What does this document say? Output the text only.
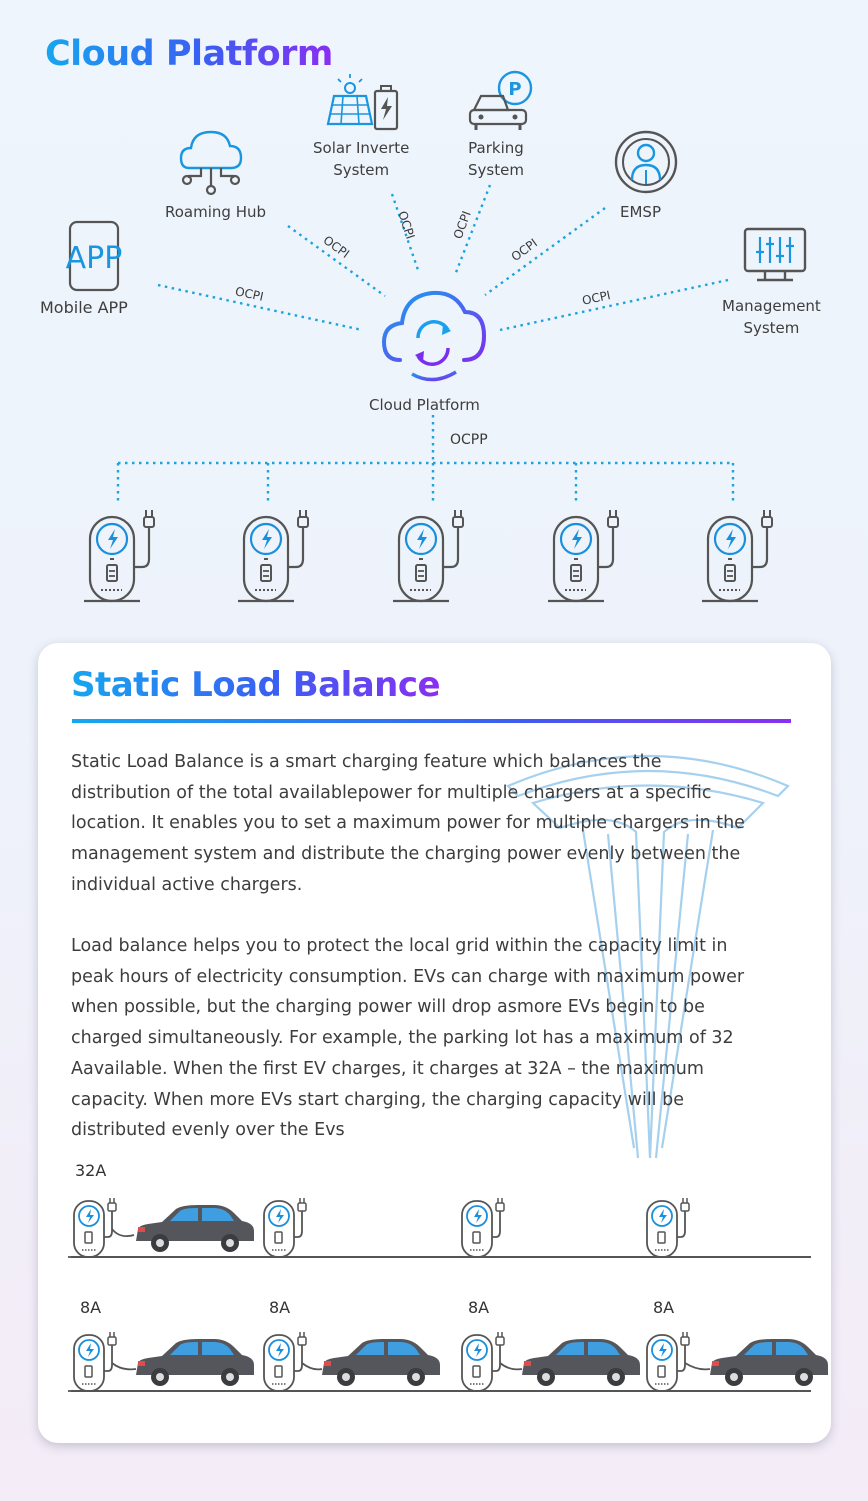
Cloud Platform
APP
P
Mobile APP
Roaming Hub
Solar Inverte
System
Parking
System
EMSP
Management
System
Cloud Platform
OCPI
OCPI
OCPI	OCPI
OCPI
OCPI
OCPP
Static Load Balance

Static Load Balance is a smart charging feature which balances the distribution of the total availablepower for multiple chargers at a specific location. It enables you to set a maximum power for multiple chargers in the management system and distribute the charging power evenly between the individual active chargers.

Load balance helps you to protect the local grid within the capacity limit in peak hours of electricity consumption. EVs can charge with maximum power when possible, but the charging power will drop asmore EVs begin to be charged simultaneously. For example, the parking lot has a maximum of 32 Aavailable. When the first EV charges, it charges at 32A – the maximum capacity. When more EVs start charging, the charging capacity will be distributed evenly over the Evs

32A
8A	8A	8A	8A
